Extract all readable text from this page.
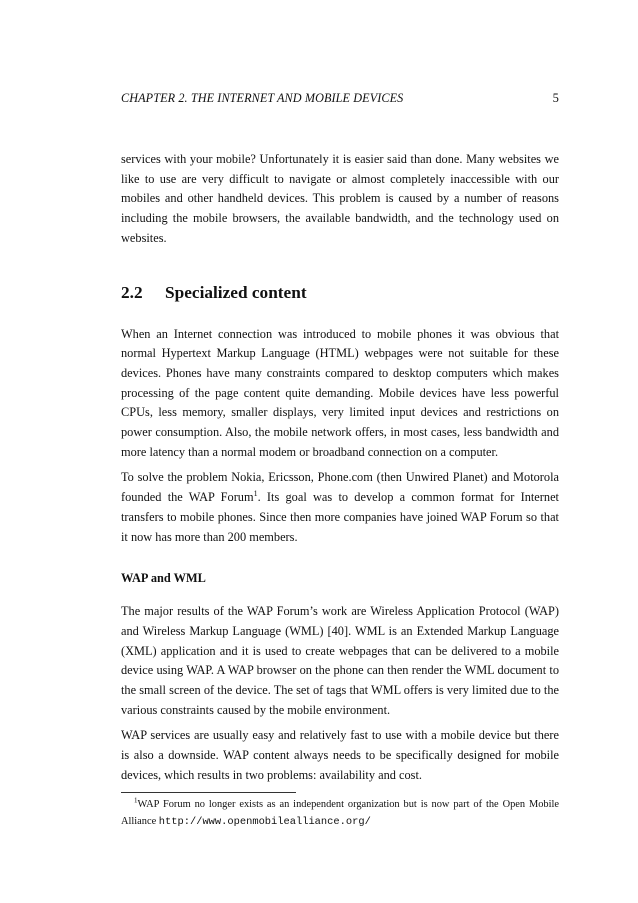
CHAPTER 2. THE INTERNET AND MOBILE DEVICES	5

services with your mobile? Unfortunately it is easier said than done. Many websites we like to use are very difficult to navigate or almost completely inaccessible with our mobiles and other handheld devices. This problem is caused by a number of reasons including the mobile browsers, the available bandwidth, and the technology used on websites.

2.2	Specialized content

When an Internet connection was introduced to mobile phones it was obvious that normal Hypertext Markup Language (HTML) webpages were not suitable for these devices. Phones have many constraints compared to desktop computers which makes processing of the page content quite demanding. Mobile devices have less powerful CPUs, less memory, smaller displays, very limited input devices and restrictions on power consumption. Also, the mobile network offers, in most cases, less bandwidth and more latency than a normal modem or broadband connection on a computer.

To solve the problem Nokia, Ericsson, Phone.com (then Unwired Planet) and Motorola founded the WAP Forum$^1$. Its goal was to develop a common format for Internet transfers to mobile phones. Since then more companies have joined WAP Forum so that it now has more than 200 members.

WAP and WML

The major results of the WAP Forum’s work are Wireless Application Protocol (WAP) and Wireless Markup Language (WML) [40]. WML is an Extended Markup Language (XML) application and it is used to create webpages that can be delivered to a mobile device using WAP. A WAP browser on the phone can then render the WML document to the small screen of the device. The set of tags that WML offers is very limited due to the various constraints caused by the mobile environment.

WAP services are usually easy and relatively fast to use with a mobile device but there is also a downside. WAP content always needs to be specifically designed for mobile devices, which results in two problems: availability and cost.

$^1$WAP Forum no longer exists as an independent organization but is now part of the Open Mobile Alliance http://www.openmobilealliance.org/
